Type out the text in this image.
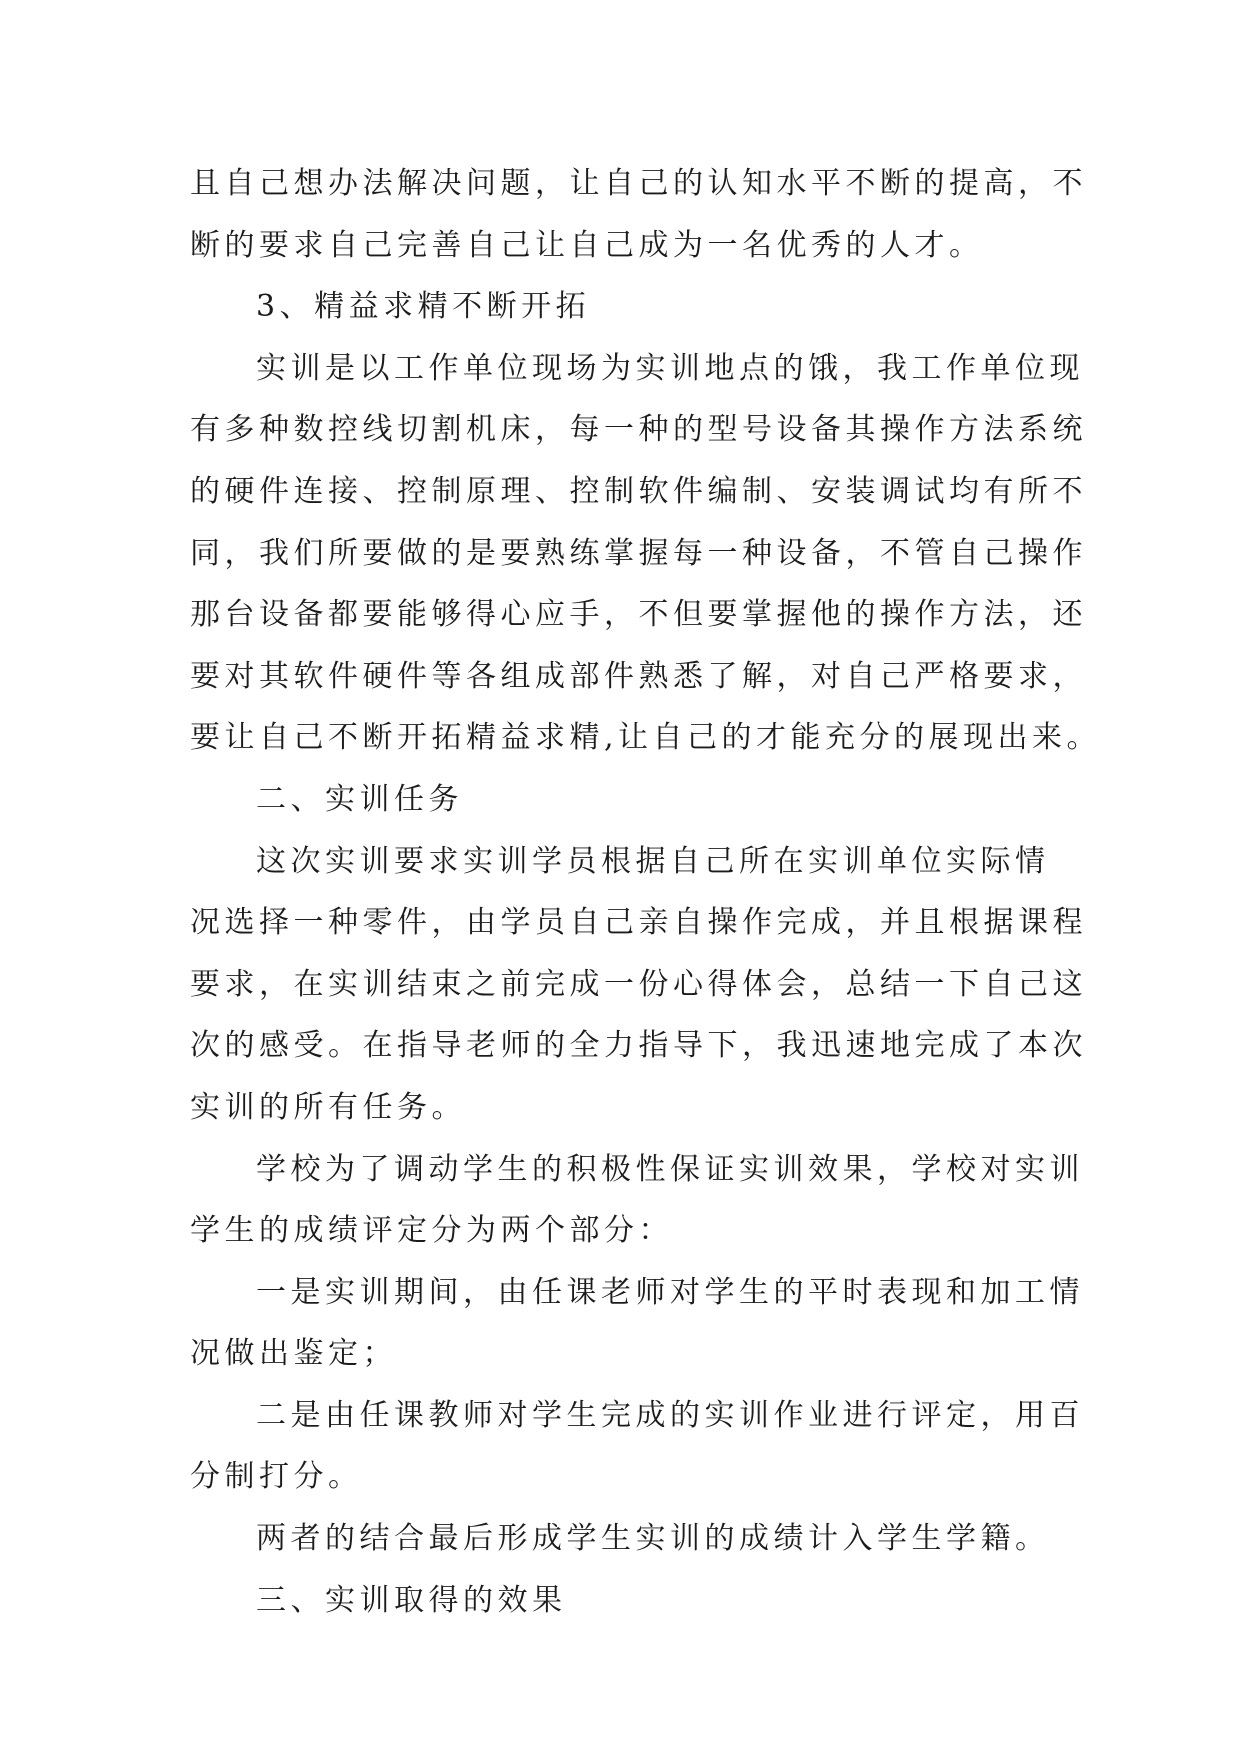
且自己想办法解决问题，让自己的认知水平不断的提高，不
断的要求自己完善自己让自己成为一名优秀的人才。
3、精益求精不断开拓
实训是以工作单位现场为实训地点的饿，我工作单位现
有多种数控线切割机床，每一种的型号设备其操作方法系统
的硬件连接、控制原理、控制软件编制、安装调试均有所不
同，我们所要做的是要熟练掌握每一种设备，不管自己操作
那台设备都要能够得心应手，不但要掌握他的操作方法，还
要对其软件硬件等各组成部件熟悉了解，对自己严格要求，
要让自己不断开拓精益求精,让自己的才能充分的展现出来。
二、实训任务
这次实训要求实训学员根据自己所在实训单位实际情
况选择一种零件，由学员自己亲自操作完成，并且根据课程
要求，在实训结束之前完成一份心得体会，总结一下自己这
次的感受。在指导老师的全力指导下，我迅速地完成了本次
实训的所有任务。
学校为了调动学生的积极性保证实训效果，学校对实训
学生的成绩评定分为两个部分：
一是实训期间，由任课老师对学生的平时表现和加工情
况做出鉴定；
二是由任课教师对学生完成的实训作业进行评定，用百
分制打分。
两者的结合最后形成学生实训的成绩计入学生学籍。
三、实训取得的效果
